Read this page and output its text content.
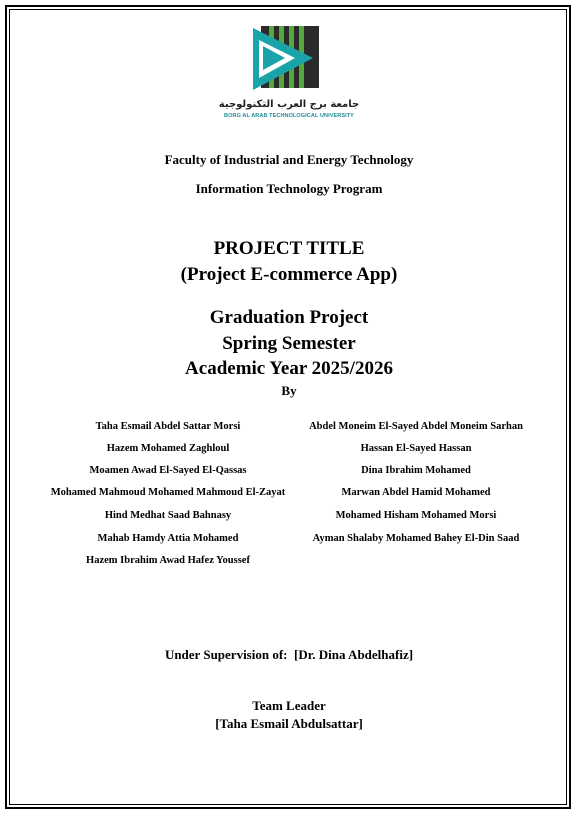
جامعة برج العرب التكنولوجية
BORG AL ARAB TECHNOLOGICAL UNIVERSITY
Faculty of Industrial and Energy Technology
Information Technology Program
PROJECT TITLE
(Project E-commerce App)
Graduation Project
Spring Semester
Academic Year 2025/2026
By
Taha Esmail Abdel Sattar Morsi
Hazem Mohamed Zaghloul
Moamen Awad El-Sayed El-Qassas
Mohamed Mahmoud Mohamed Mahmoud El-Zayat
Hind Medhat Saad Bahnasy
Mahab Hamdy Attia Mohamed
Hazem Ibrahim Awad Hafez Youssef
Abdel Moneim El-Sayed Abdel Moneim Sarhan
Hassan El-Sayed Hassan
Dina Ibrahim Mohamed
Marwan Abdel Hamid Mohamed
Mohamed Hisham Mohamed Morsi
Ayman Shalaby Mohamed Bahey El-Din Saad
Under Supervision of: [Dr. Dina Abdelhafiz]
Team Leader
[Taha Esmail Abdulsattar]
